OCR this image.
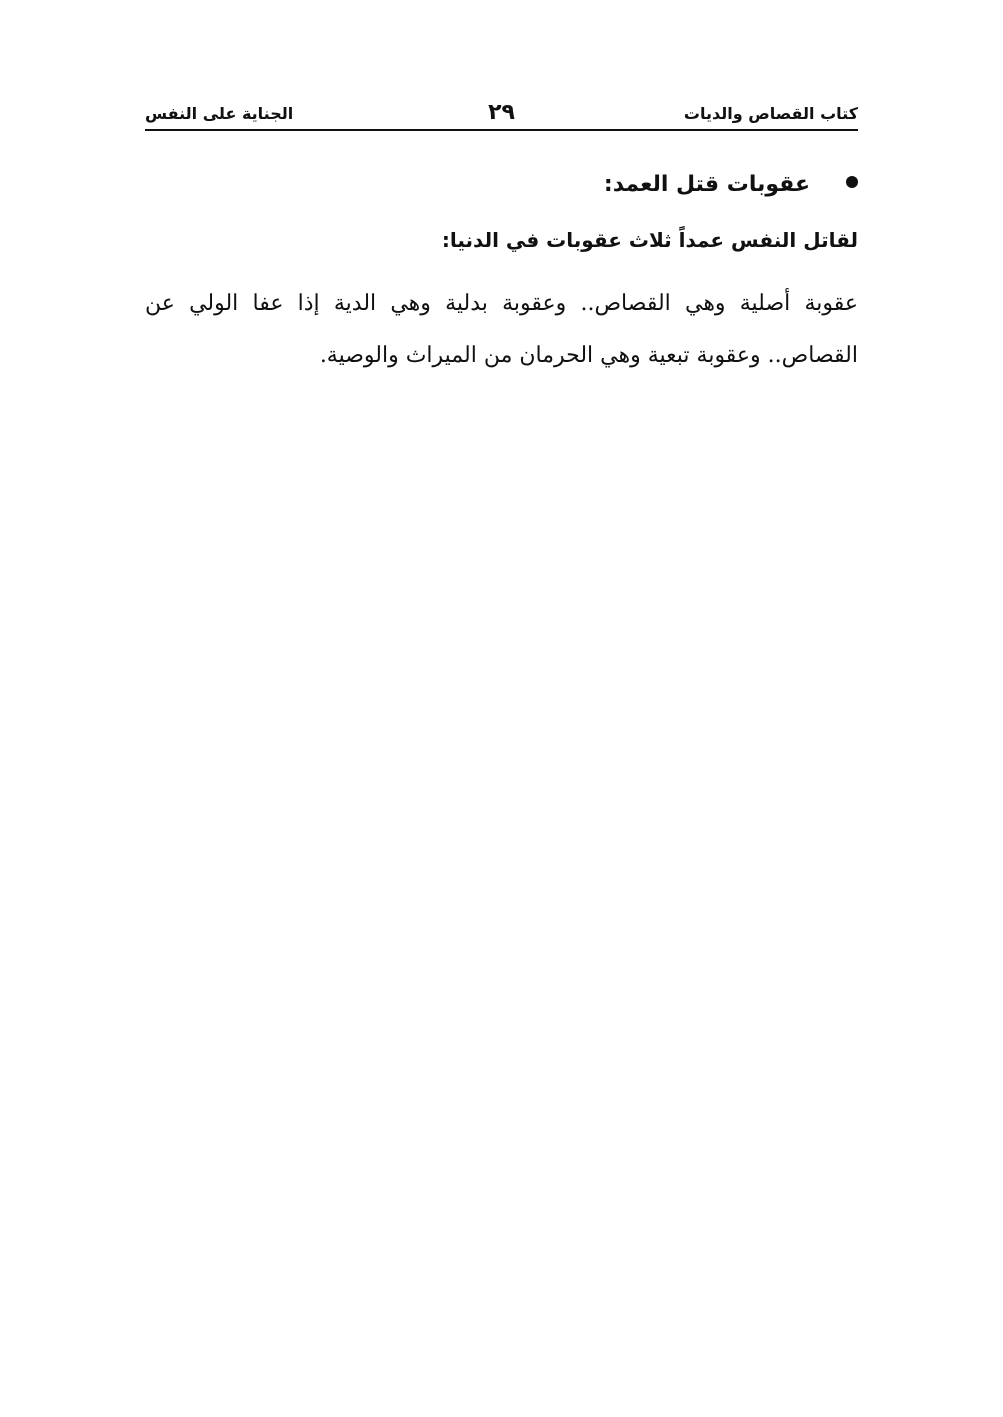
كتاب القصاص والديات
٢٩
الجناية على النفس
عقوبات قتل العمد:
لقاتل النفس عمداً ثلاث عقوبات في الدنيا:
عقوبة أصلية وهي القصاص.. وعقوبة بدلية وهي الدية إذا عفا الولي عن القصاص.. وعقوبة تبعية وهي الحرمان من الميراث والوصية.
